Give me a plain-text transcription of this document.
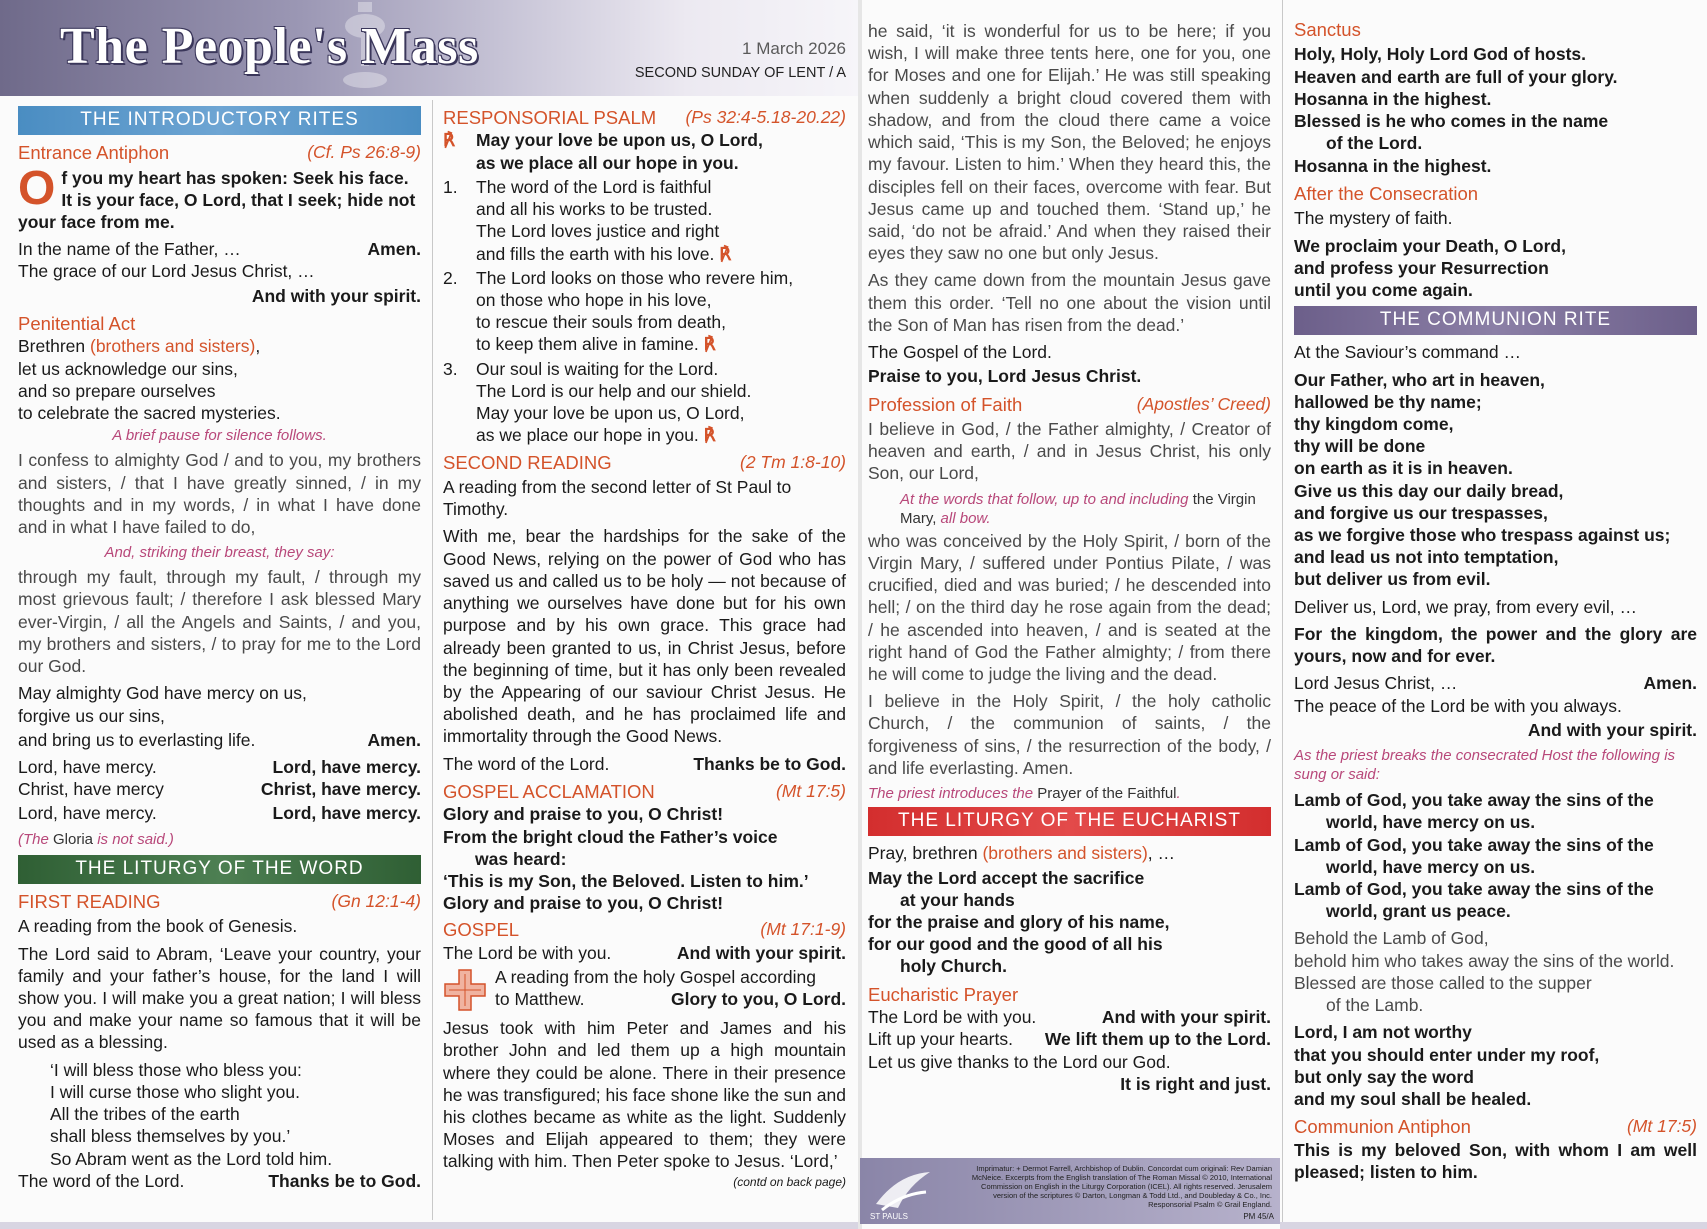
The People's Mass	1 March 2026
SECOND SUNDAY OF LENT / A
THE INTRODUCTORY RITES
Entrance Antiphon	(Cf. Ps 26:8-9)
Of you my heart has spoken: Seek his face. It is your face, O Lord, that I seek; hide not your face from me.
In the name of the Father, …	Amen.
The grace of our Lord Jesus Christ, …
And with your spirit.
Penitential Act
Brethren (brothers and sisters),
let us acknowledge our sins,
and so prepare ourselves
to celebrate the sacred mysteries.
A brief pause for silence follows.
I confess to almighty God / and to you, my brothers and sisters, / that I have greatly sinned, / in my thoughts and in my words, / in what I have done and in what I have failed to do,
And, striking their breast, they say:
through my fault, through my fault, / through my most grievous fault; / therefore I ask blessed Mary ever-Virgin, / all the Angels and Saints, / and you, my brothers and sisters, / to pray for me to the Lord our God.
May almighty God have mercy on us,
forgive us our sins,
and bring us to everlasting life.	Amen.
Lord, have mercy.	Lord, have mercy.
Christ, have mercy	Christ, have mercy.
Lord, have mercy.	Lord, have mercy.
(The Gloria is not said.)
THE LITURGY OF THE WORD
FIRST READING	(Gn 12:1-4)
A reading from the book of Genesis.
The Lord said to Abram, ‘Leave your country, your family and your father’s house, for the land I will show you. I will make you a great nation; I will bless you and make your name so famous that it will be used as a blessing.
‘I will bless those who bless you:
I will curse those who slight you.
All the tribes of the earth
shall bless themselves by you.’
So Abram went as the Lord told him.
The word of the Lord.	Thanks be to God.
RESPONSORIAL PSALM (Ps 32:4-5.18-20.22)
℟	May your love be upon us, O Lord,
as we place all our hope in you.
1.	The word of the Lord is faithful
and all his works to be trusted.
The Lord loves justice and right
and fills the earth with his love. ℟
2.	The Lord looks on those who revere him,
on those who hope in his love,
to rescue their souls from death,
to keep them alive in famine. ℟
3.	Our soul is waiting for the Lord.
The Lord is our help and our shield.
May your love be upon us, O Lord,
as we place our hope in you. ℟
SECOND READING	(2 Tm 1:8-10)
A reading from the second letter of St Paul to Timothy.
With me, bear the hardships for the sake of the Good News, relying on the power of God who has saved us and called us to be holy — not because of anything we ourselves have done but for his own purpose and by his own grace. This grace had already been granted to us, in Christ Jesus, before the beginning of time, but it has only been revealed by the Appearing of our saviour Christ Jesus. He abolished death, and he has proclaimed life and immortality through the Good News.
The word of the Lord.	Thanks be to God.
GOSPEL ACCLAMATION	(Mt 17:5)
Glory and praise to you, O Christ!
From the bright cloud the Father’s voice
was heard:
‘This is my Son, the Beloved. Listen to him.’
Glory and praise to you, O Christ!
GOSPEL	(Mt 17:1-9)
The Lord be with you.	And with your spirit.
A reading from the holy Gospel according
to Matthew.	Glory to you, O Lord.
Jesus took with him Peter and James and his brother John and led them up a high mountain where they could be alone. There in their presence he was transfigured; his face shone like the sun and his clothes became as white as the light. Suddenly Moses and Elijah appeared to them; they were talking with him. Then Peter spoke to Jesus. ‘Lord,’
(contd on back page)
he said, ‘it is wonderful for us to be here; if you wish, I will make three tents here, one for you, one for Moses and one for Elijah.’ He was still speaking when suddenly a bright cloud covered them with shadow, and from the cloud there came a voice which said, ‘This is my Son, the Beloved; he enjoys my favour. Listen to him.’ When they heard this, the disciples fell on their faces, overcome with fear. But Jesus came up and touched them. ‘Stand up,’ he said, ‘do not be afraid.’ And when they raised their eyes they saw no one but only Jesus.
As they came down from the mountain Jesus gave them this order. ‘Tell no one about the vision until the Son of Man has risen from the dead.’
The Gospel of the Lord.
Praise to you, Lord Jesus Christ.
Profession of Faith	(Apostles’ Creed)
I believe in God, / the Father almighty, / Creator of heaven and earth, / and in Jesus Christ, his only Son, our Lord,
At the words that follow, up to and including the Virgin Mary, all bow.
who was conceived by the Holy Spirit, / born of the Virgin Mary, / suffered under Pontius Pilate, / was crucified, died and was buried; / he descended into hell; / on the third day he rose again from the dead; / he ascended into heaven, / and is seated at the right hand of God the Father almighty; / from there he will come to judge the living and the dead.
I believe in the Holy Spirit, / the holy catholic Church, / the communion of saints, / the forgiveness of sins, / the resurrection of the body, / and life everlasting. Amen.
The priest introduces the Prayer of the Faithful.
THE LITURGY OF THE EUCHARIST
Pray, brethren (brothers and sisters), …
May the Lord accept the sacrifice
at your hands
for the praise and glory of his name,
for our good and the good of all his
holy Church.
Eucharistic Prayer
The Lord be with you.	And with your spirit.
Lift up your hearts. We lift them up to the Lord.
Let us give thanks to the Lord our God.
It is right and just.
Sanctus
Holy, Holy, Holy Lord God of hosts.
Heaven and earth are full of your glory.
Hosanna in the highest.
Blessed is he who comes in the name
of the Lord.
Hosanna in the highest.
After the Consecration
The mystery of faith.
We proclaim your Death, O Lord,
and profess your Resurrection
until you come again.
THE COMMUNION RITE
At the Saviour’s command …
Our Father, who art in heaven,
hallowed be thy name;
thy kingdom come,
thy will be done
on earth as it is in heaven.
Give us this day our daily bread,
and forgive us our trespasses,
as we forgive those who trespass against us;
and lead us not into temptation,
but deliver us from evil.
Deliver us, Lord, we pray, from every evil, …
For the kingdom, the power and the glory are yours, now and for ever.
Lord Jesus Christ, …	Amen.
The peace of the Lord be with you always.
And with your spirit.
As the priest breaks the consecrated Host the following is sung or said:
Lamb of God, you take away the sins of the
world, have mercy on us.
Lamb of God, you take away the sins of the
world, have mercy on us.
Lamb of God, you take away the sins of the
world, grant us peace.
Behold the Lamb of God,
behold him who takes away the sins of the world.
Blessed are those called to the supper
of the Lamb.
Lord, I am not worthy
that you should enter under my roof,
but only say the word
and my soul shall be healed.
Communion Antiphon	(Mt 17:5)
This is my beloved Son, with whom I am well pleased; listen to him.
Imprimatur: + Dermot Farrell, Archbishop of Dublin. Concordat cum originali: Rev Damian McNeice. Excerpts from the English translation of The Roman Missal © 2010, International Commission on English in the Liturgy Corporation (ICEL). All rights reserved. Jerusalem version of the scriptures © Darton, Longman & Todd Ltd., and Doubleday & Co., Inc. Responsorial Psalm © Grail England.
ST PAULS	PM 45/A
